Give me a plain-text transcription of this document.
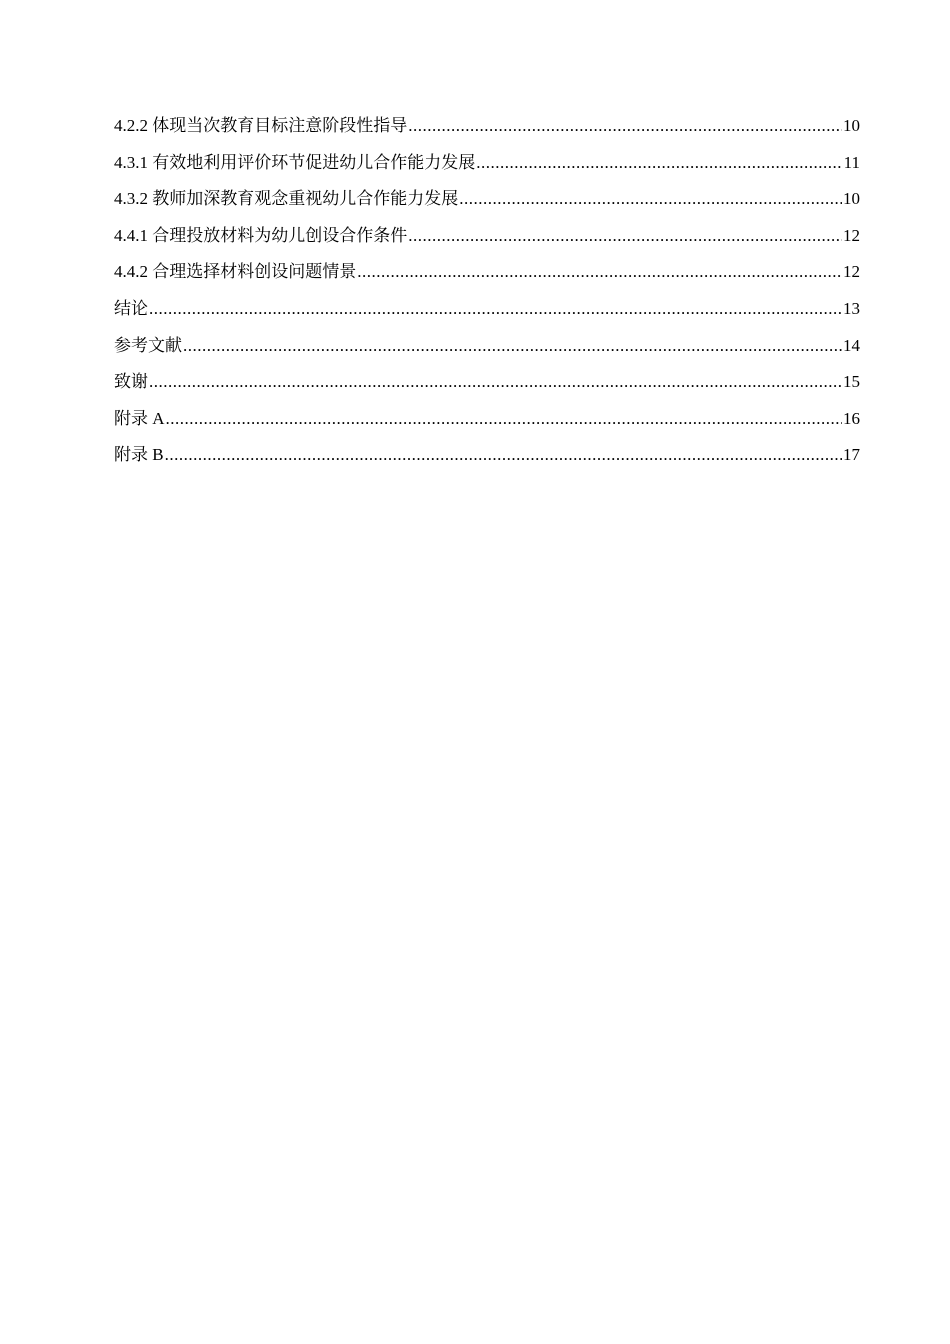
4.2.2 体现当次教育目标注意阶段性指导 .....	10
4.3.1 有效地利用评价环节促进幼儿合作能力发展 .....	11
4.3.2 教师加深教育观念重视幼儿合作能力发展 .....	10
4.4.1 合理投放材料为幼儿创设合作条件 .....	12
4.4.2 合理选择材料创设问题情景 .....	12
结论 .....	13
参考文献 .....	14
致谢 .....	15
附录 A .....	16
附录 B .....	17
